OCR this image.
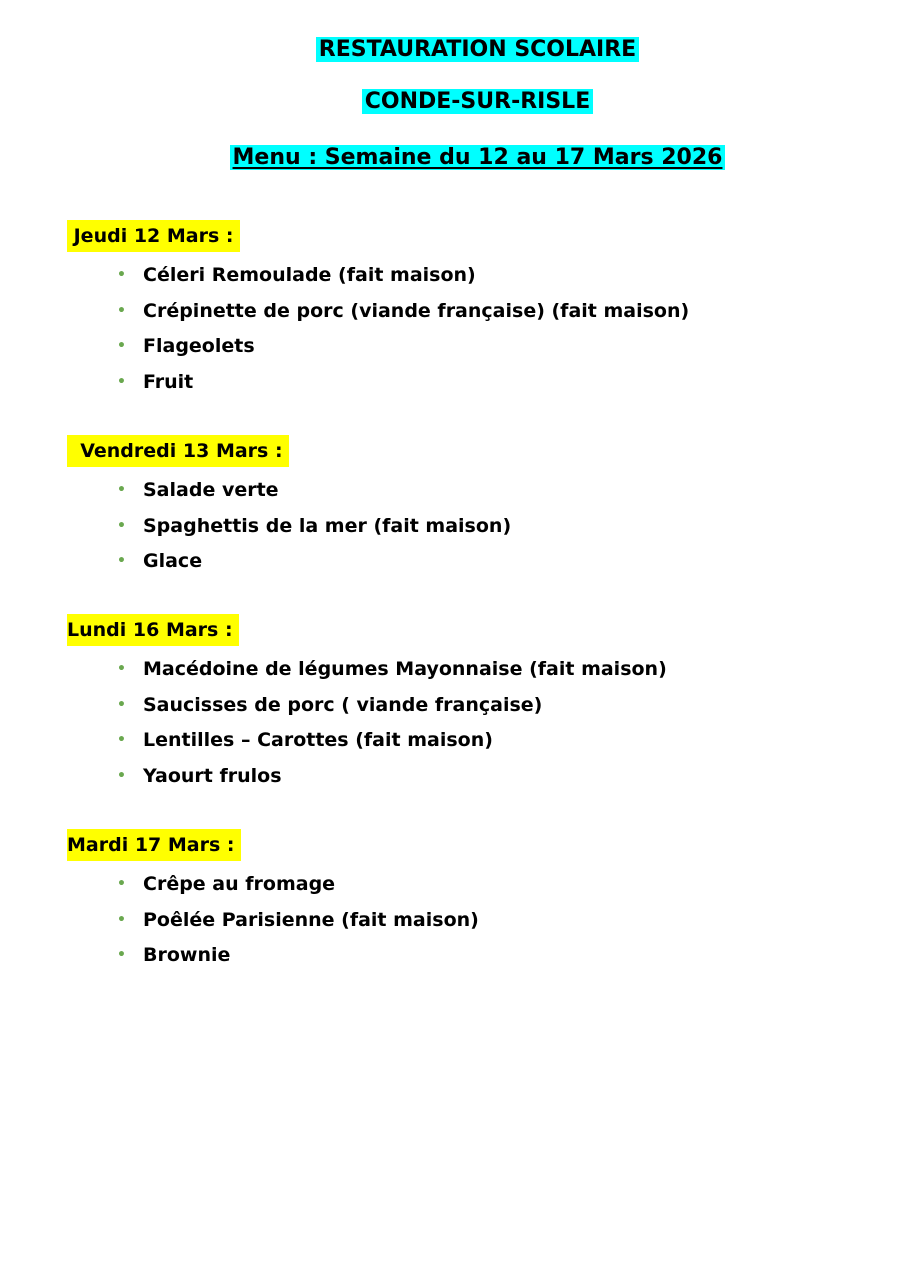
RESTAURATION SCOLAIRE
CONDE-SUR-RISLE
Menu : Semaine du 12 au 17 Mars 2026
Jeudi 12 Mars :
• Céleri Remoulade (fait maison)
• Crépinette de porc (viande française) (fait maison)
• Flageolets
• Fruit
Vendredi 13 Mars :
• Salade verte
• Spaghettis de la mer (fait maison)
• Glace
Lundi 16 Mars :
• Macédoine de légumes Mayonnaise (fait maison)
• Saucisses de porc ( viande française)
• Lentilles – Carottes (fait maison)
• Yaourt frulos
Mardi 17 Mars :
• Crêpe au fromage
• Poêlée Parisienne (fait maison)
• Brownie
